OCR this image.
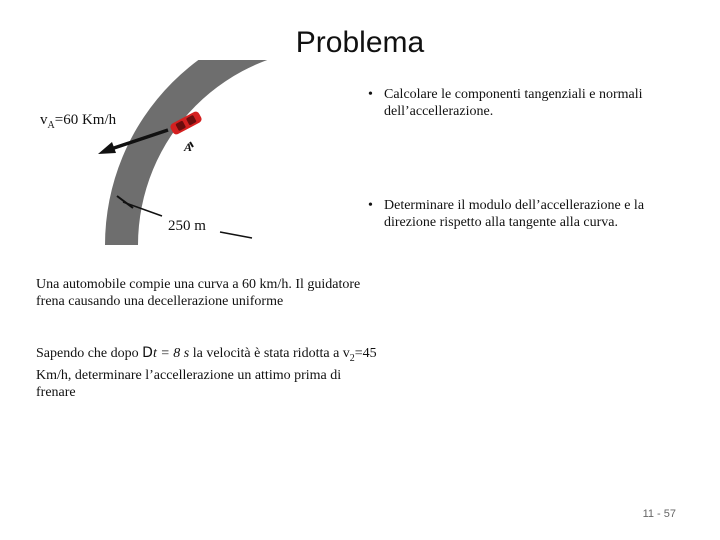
Problema
$v_A=60$ Km/h
A
250 m
• Calcolare le componenti tangenziali e normali dell’accellerazione.
• Determinare il modulo dell’accellerazione e la direzione rispetto alla tangente alla curva.

Una automobile compie una curva a 60 km/h. Il guidatore frena causando una decellerazione uniforme

Sapendo che dopo Dt = 8 s la velocità è stata ridotta a $v_2=45$ Km/h, determinare l’accellerazione un attimo prima di frenare

11 - 57
